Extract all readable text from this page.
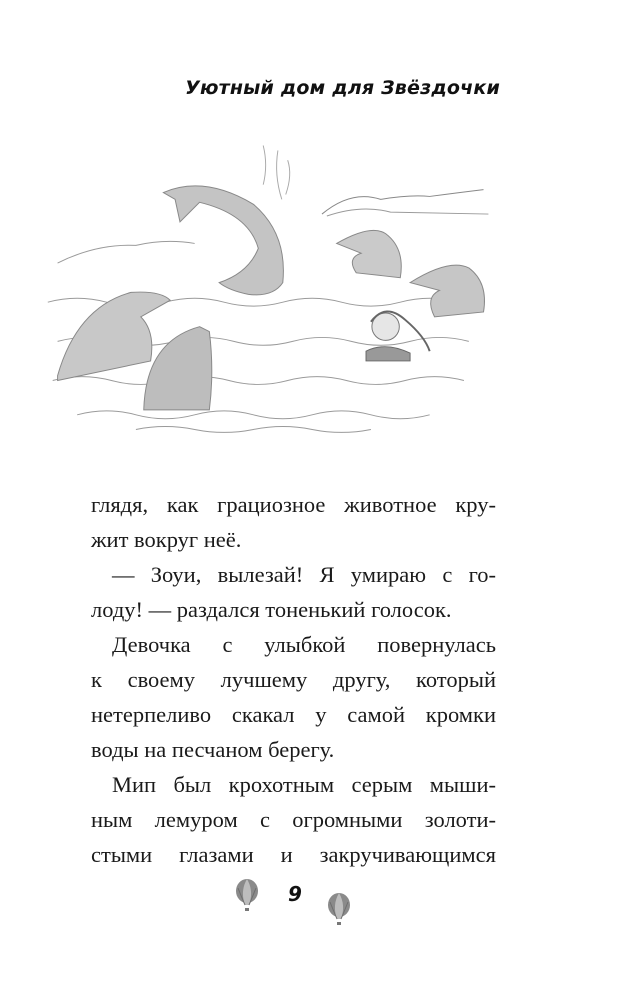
Уютный дом для Звёздочки
глядя, как грациозное животное кру-
жит вокруг неё.
— Зоуи, вылезай! Я умираю с го-
лоду! — раздался тоненький голосок.
Девочка с улыбкой повернулась
к своему лучшему другу, который
нетерпеливо скакал у самой кромки
воды на песчаном берегу.
Мип был крохотным серым мыши-
ным лемуром с огромными золоти-
стыми глазами и закручивающимся
9
